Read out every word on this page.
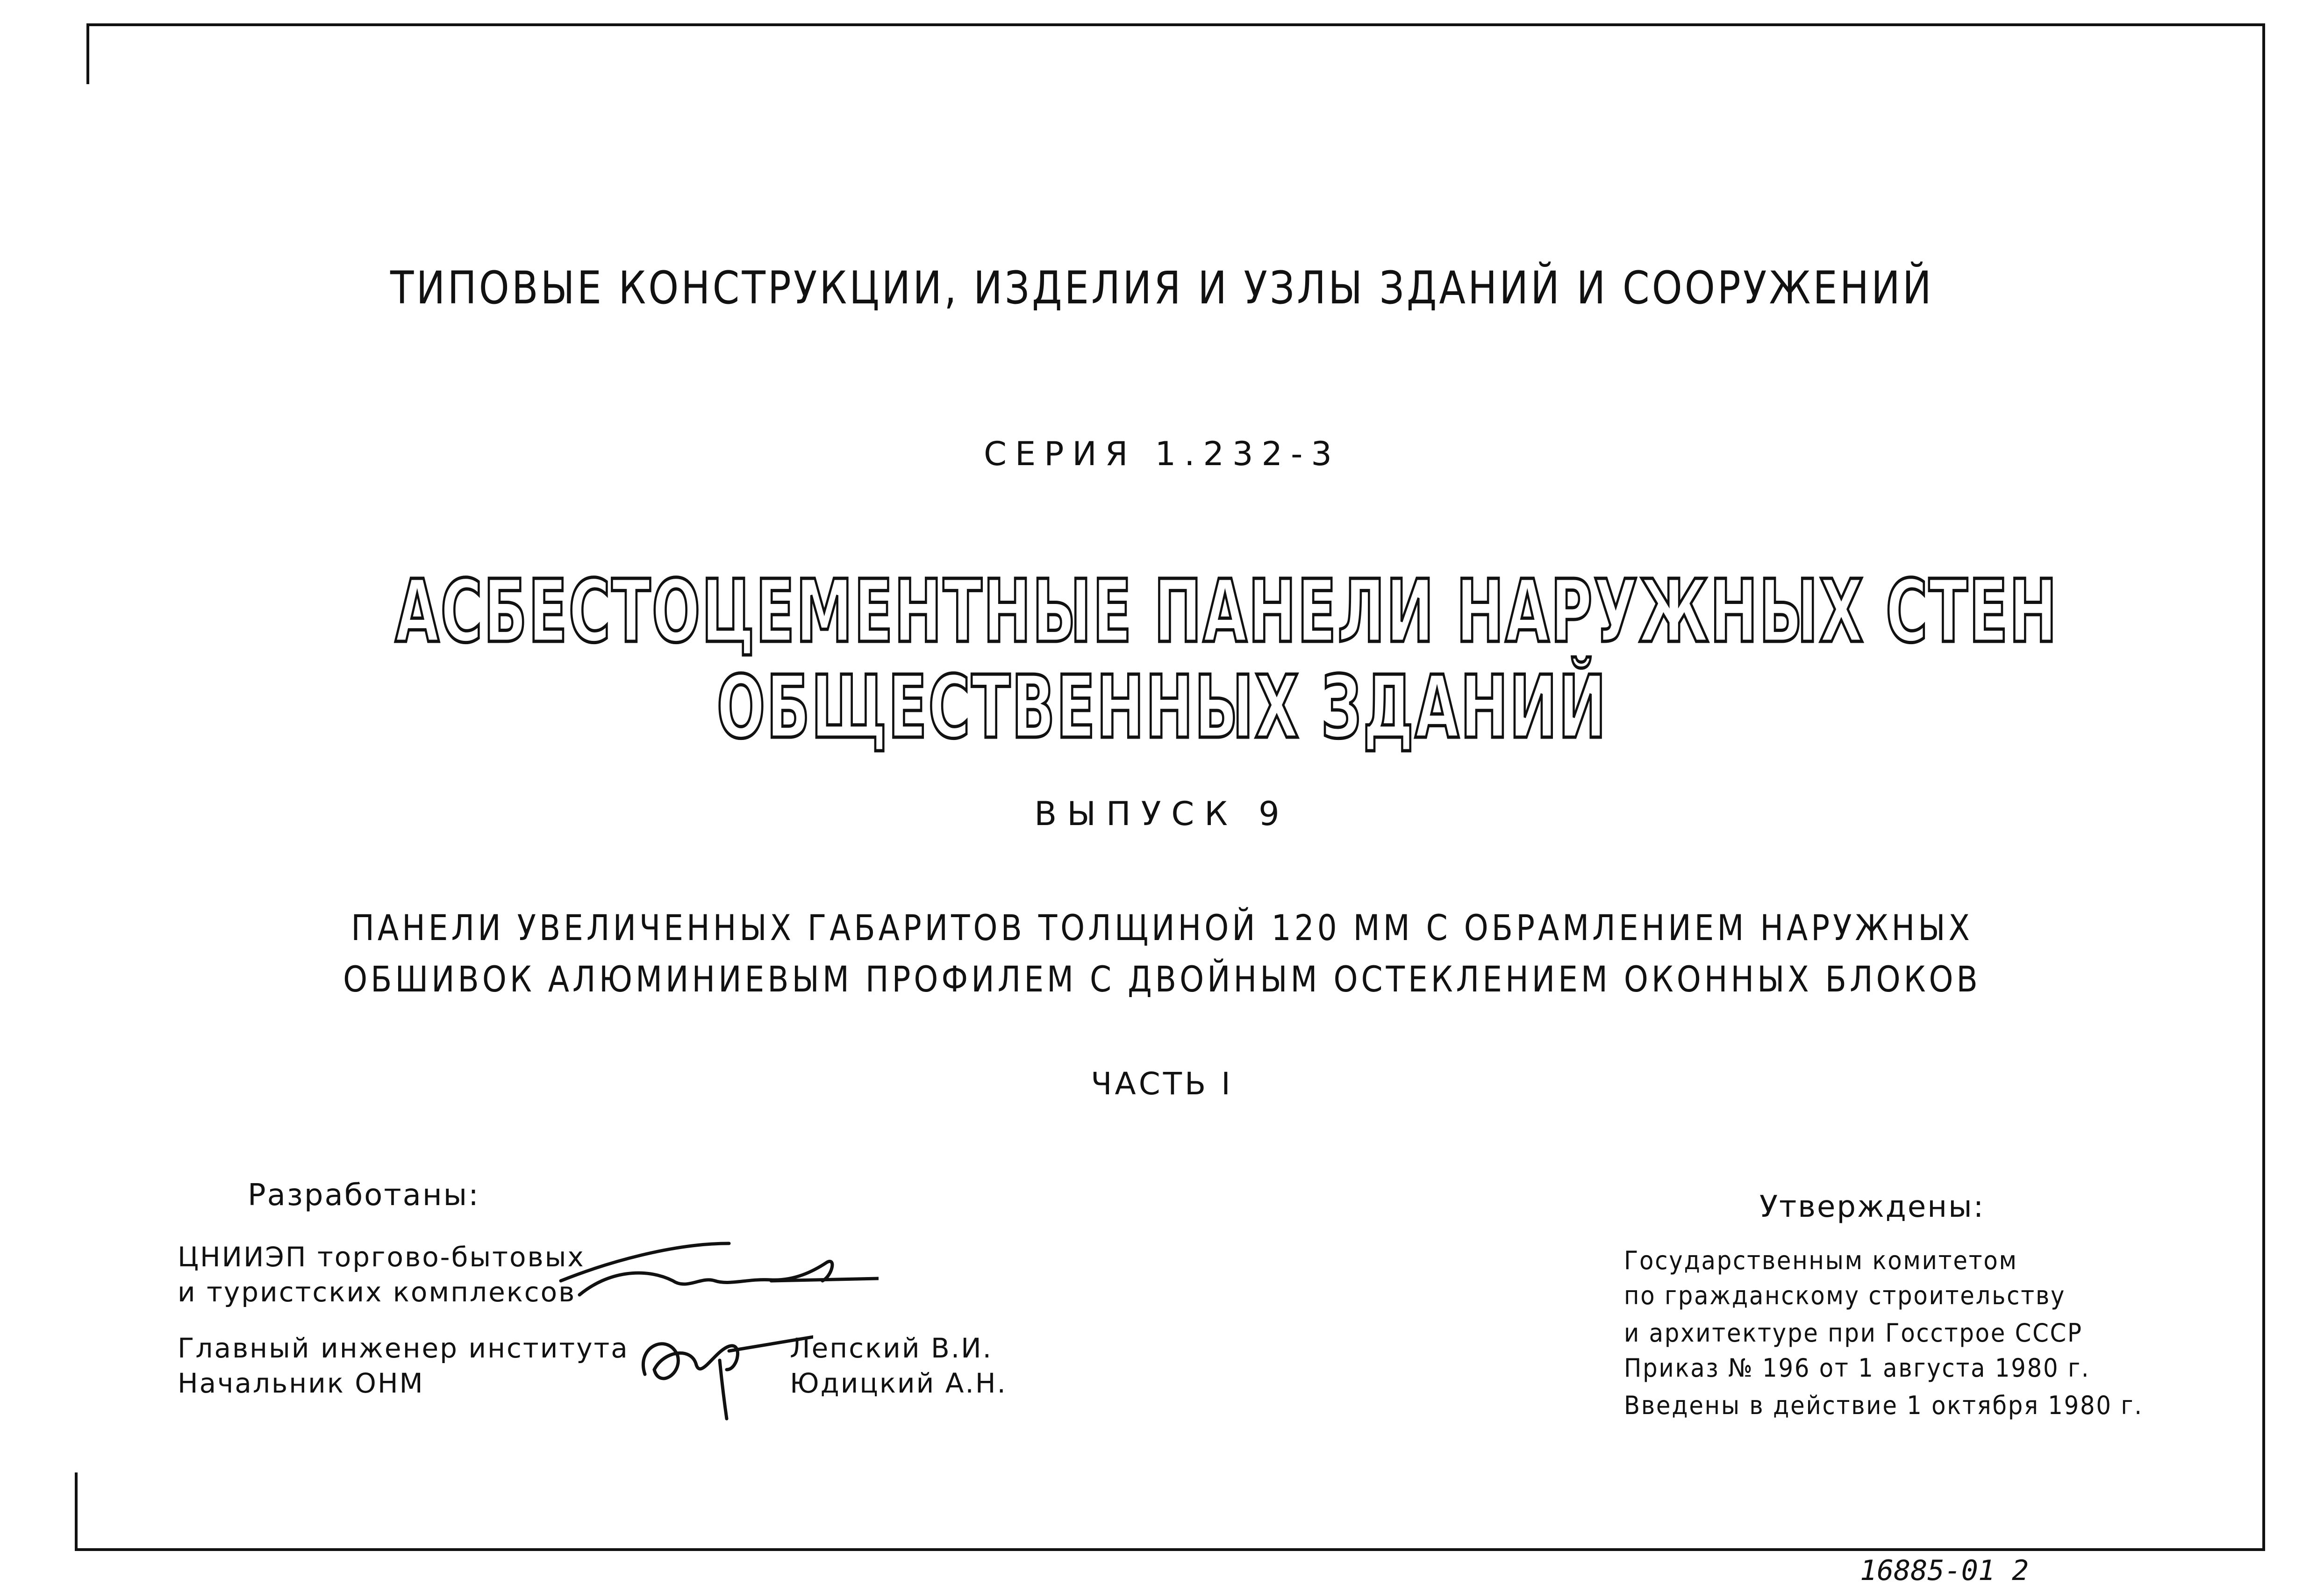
ТИПОВЫЕ КОНСТРУКЦИИ, ИЗДЕЛИЯ И УЗЛЫ ЗДАНИЙ И СООРУЖЕНИЙ
СЕРИЯ 1.232-3
АСБЕСТОЦЕМЕНТНЫЕ ПАНЕЛИ НАРУЖНЫХ СТЕН
ОБЩЕСТВЕННЫХ ЗДАНИЙ
ВЫПУСК 9
ПАНЕЛИ УВЕЛИЧЕННЫХ ГАБАРИТОВ ТОЛЩИНОЙ 120 ММ С ОБРАМЛЕНИЕМ НАРУЖНЫХ
ОБШИВОК АЛЮМИНИЕВЫМ ПРОФИЛЕМ С ДВОЙНЫМ ОСТЕКЛЕНИЕМ ОКОННЫХ БЛОКОВ
ЧАСТЬ I
Разработаны:
ЦНИИЭП торгово-бытовых
и туристских комплексов
Главный инженер института
Начальник ОНМ
Лепский В.И.
Юдицкий А.Н.
Утверждены:
Государственным комитетом
по гражданскому строительству
и архитектуре при Госстрое СССР
Приказ № 196 от 1 августа 1980 г.
Введены в действие 1 октября 1980 г.
16885-01 2
